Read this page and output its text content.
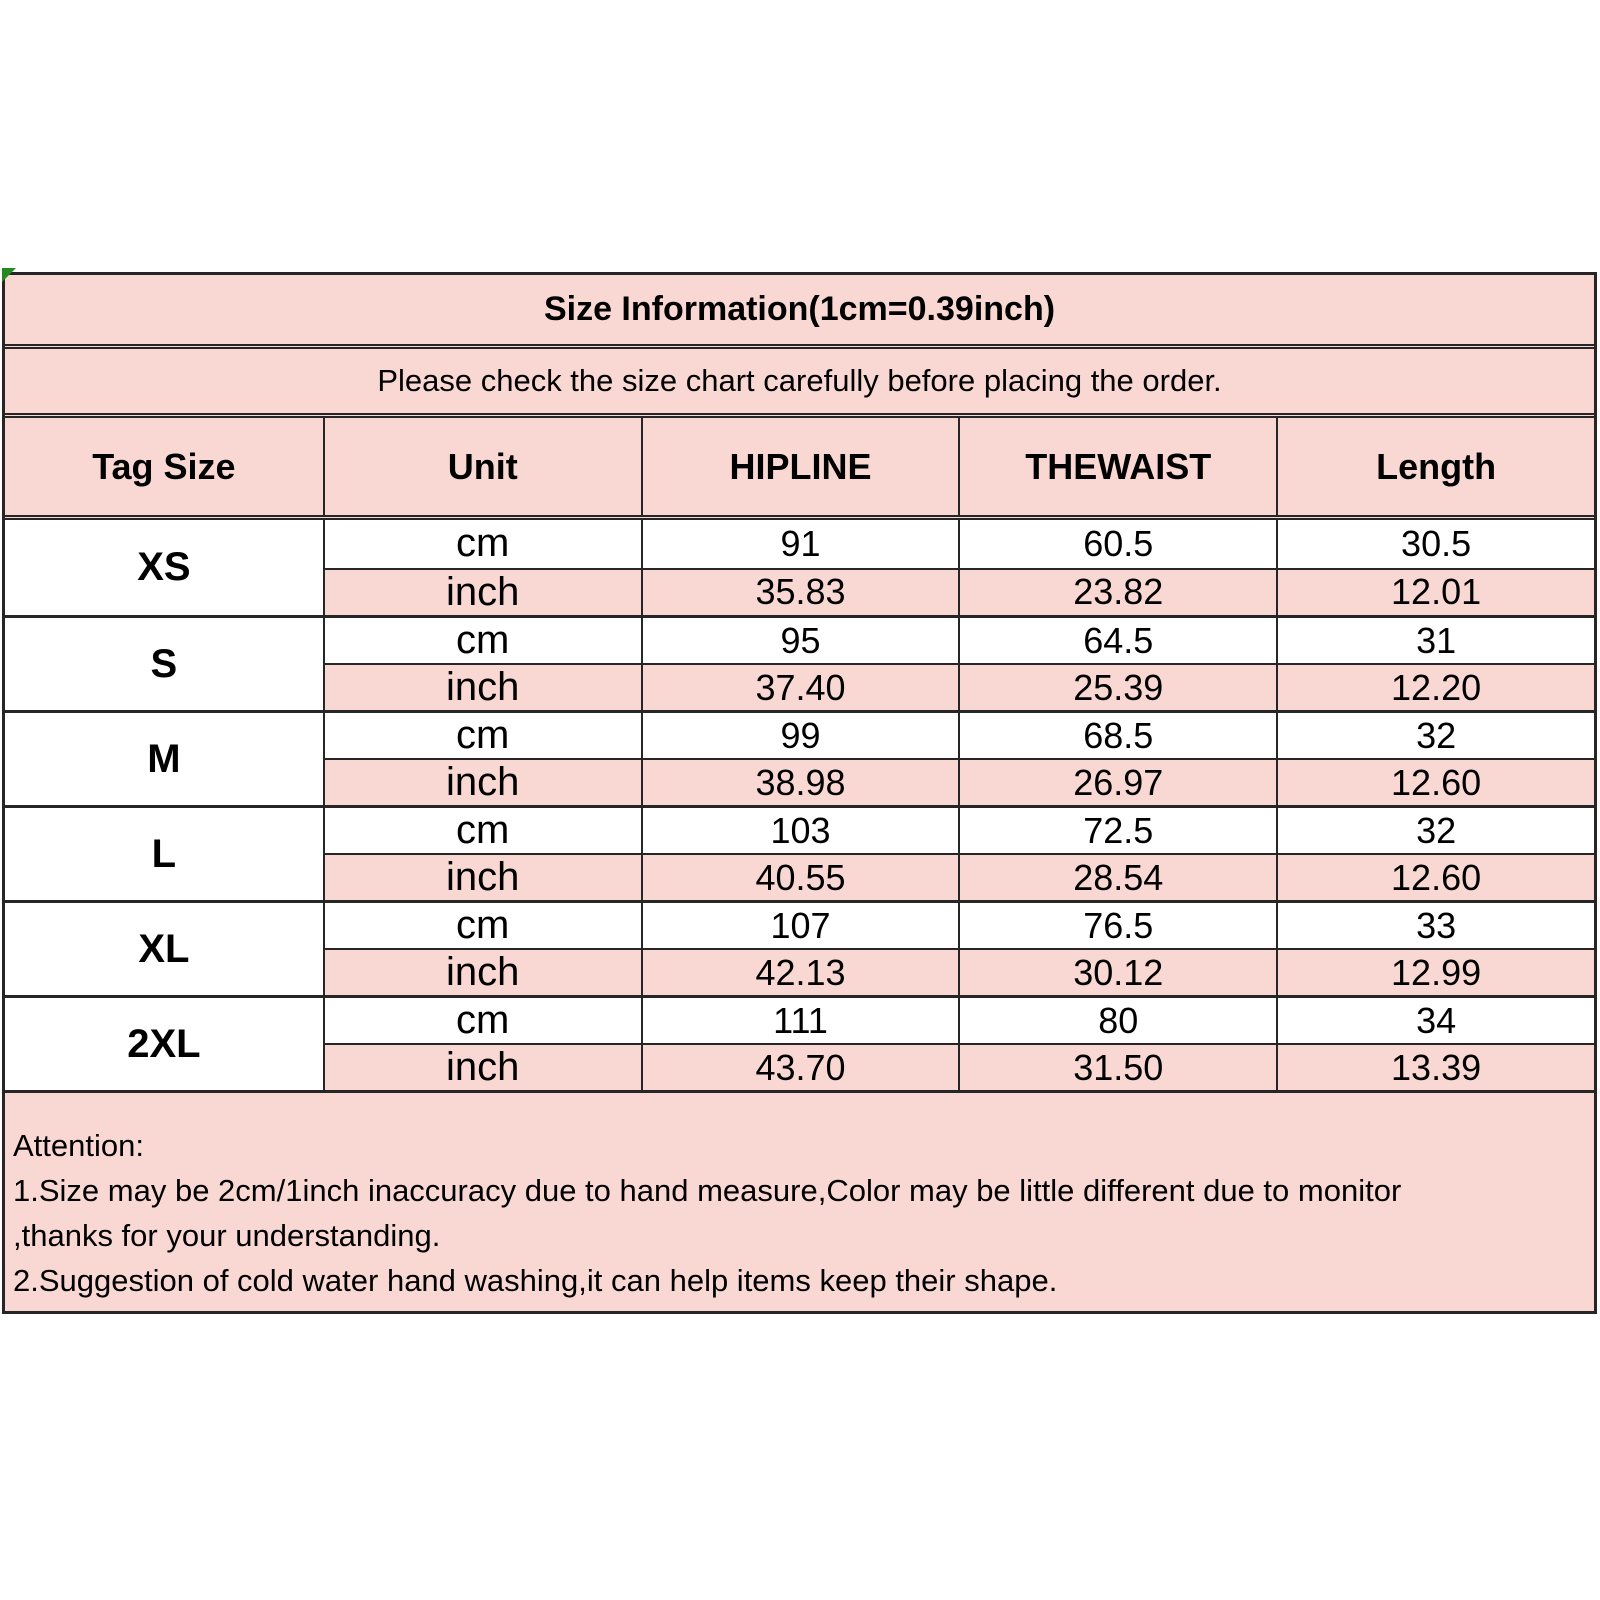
Size Information(1cm=0.39inch)
Please check the size chart carefully before placing the order.
Tag Size	Unit	HIPLINE	THEWAIST	Length
XS
cm	91	60.5	30.5
inch	35.83	23.82	12.01
S
cm	95	64.5	31
inch	37.40	25.39	12.20
M
cm	99	68.5	32
inch	38.98	26.97	12.60
L
cm	103	72.5	32
inch	40.55	28.54	12.60
XL
cm	107	76.5	33
inch	42.13	30.12	12.99
2XL
cm	111	80	34
inch	43.70	31.50	13.39
Attention:
1.Size may be 2cm/1inch inaccuracy due to hand measure,Color may be little different due to monitor
,thanks for your understanding.
2.Suggestion of cold water hand washing,it can help items keep their shape.
